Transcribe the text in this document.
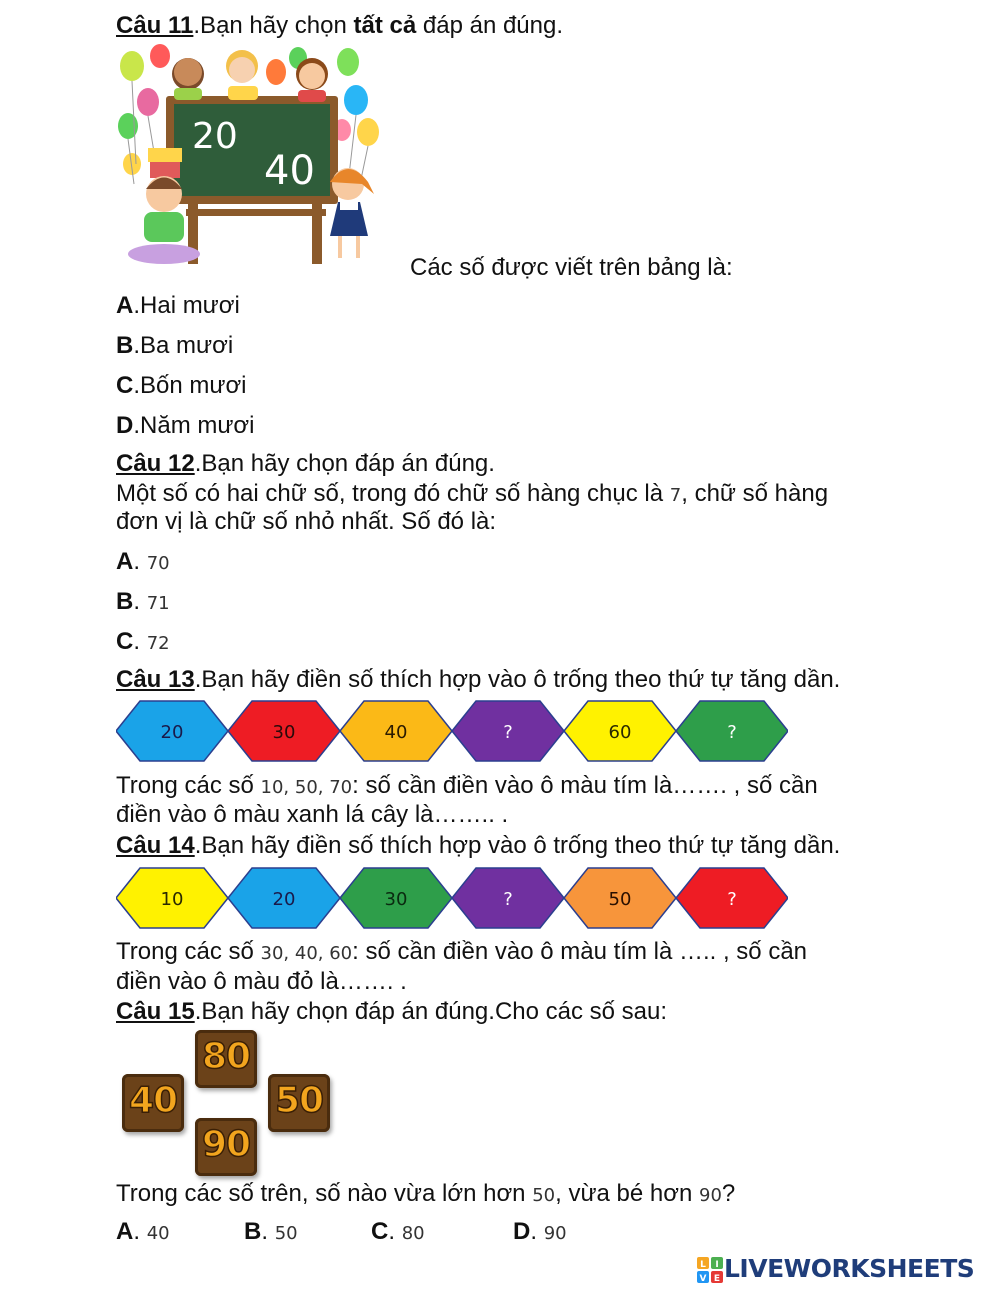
Câu 11.Bạn hãy chọn tất cả đáp án đúng.
20
40
Các số được viết trên bảng là:
A.Hai mươi
B.Ba mươi
C.Bốn mươi
D.Năm mươi
Câu 12.Bạn hãy chọn đáp án đúng.
Một số có hai chữ số, trong đó chữ số hàng chục là 7, chữ số hàng
đơn vị là chữ số nhỏ nhất. Số đó là:
A. 70
B. 71
C. 72
Câu 13.Bạn hãy điền số thích hợp vào ô trống theo thứ tự tăng dần.
20	30	40	?	60	?
Trong các số 10, 50, 70: số cần điền vào ô màu tím là……. , số cần
điền vào ô màu xanh lá cây là…….. .
Câu 14.Bạn hãy điền số thích hợp vào ô trống theo thứ tự tăng dần.
10	20	30	?	50	?
Trong các số 30, 40, 60: số cần điền vào ô màu tím là ….. , số cần
điền vào ô màu đỏ là……. .
Câu 15.Bạn hãy chọn đáp án đúng.Cho các số sau:
80
40	50
90
Trong các số trên, số nào vừa lớn hơn 50, vừa bé hơn 90?
A. 40	B. 50	C. 80	D. 90
L I
V E LIVEWORKSHEETS
